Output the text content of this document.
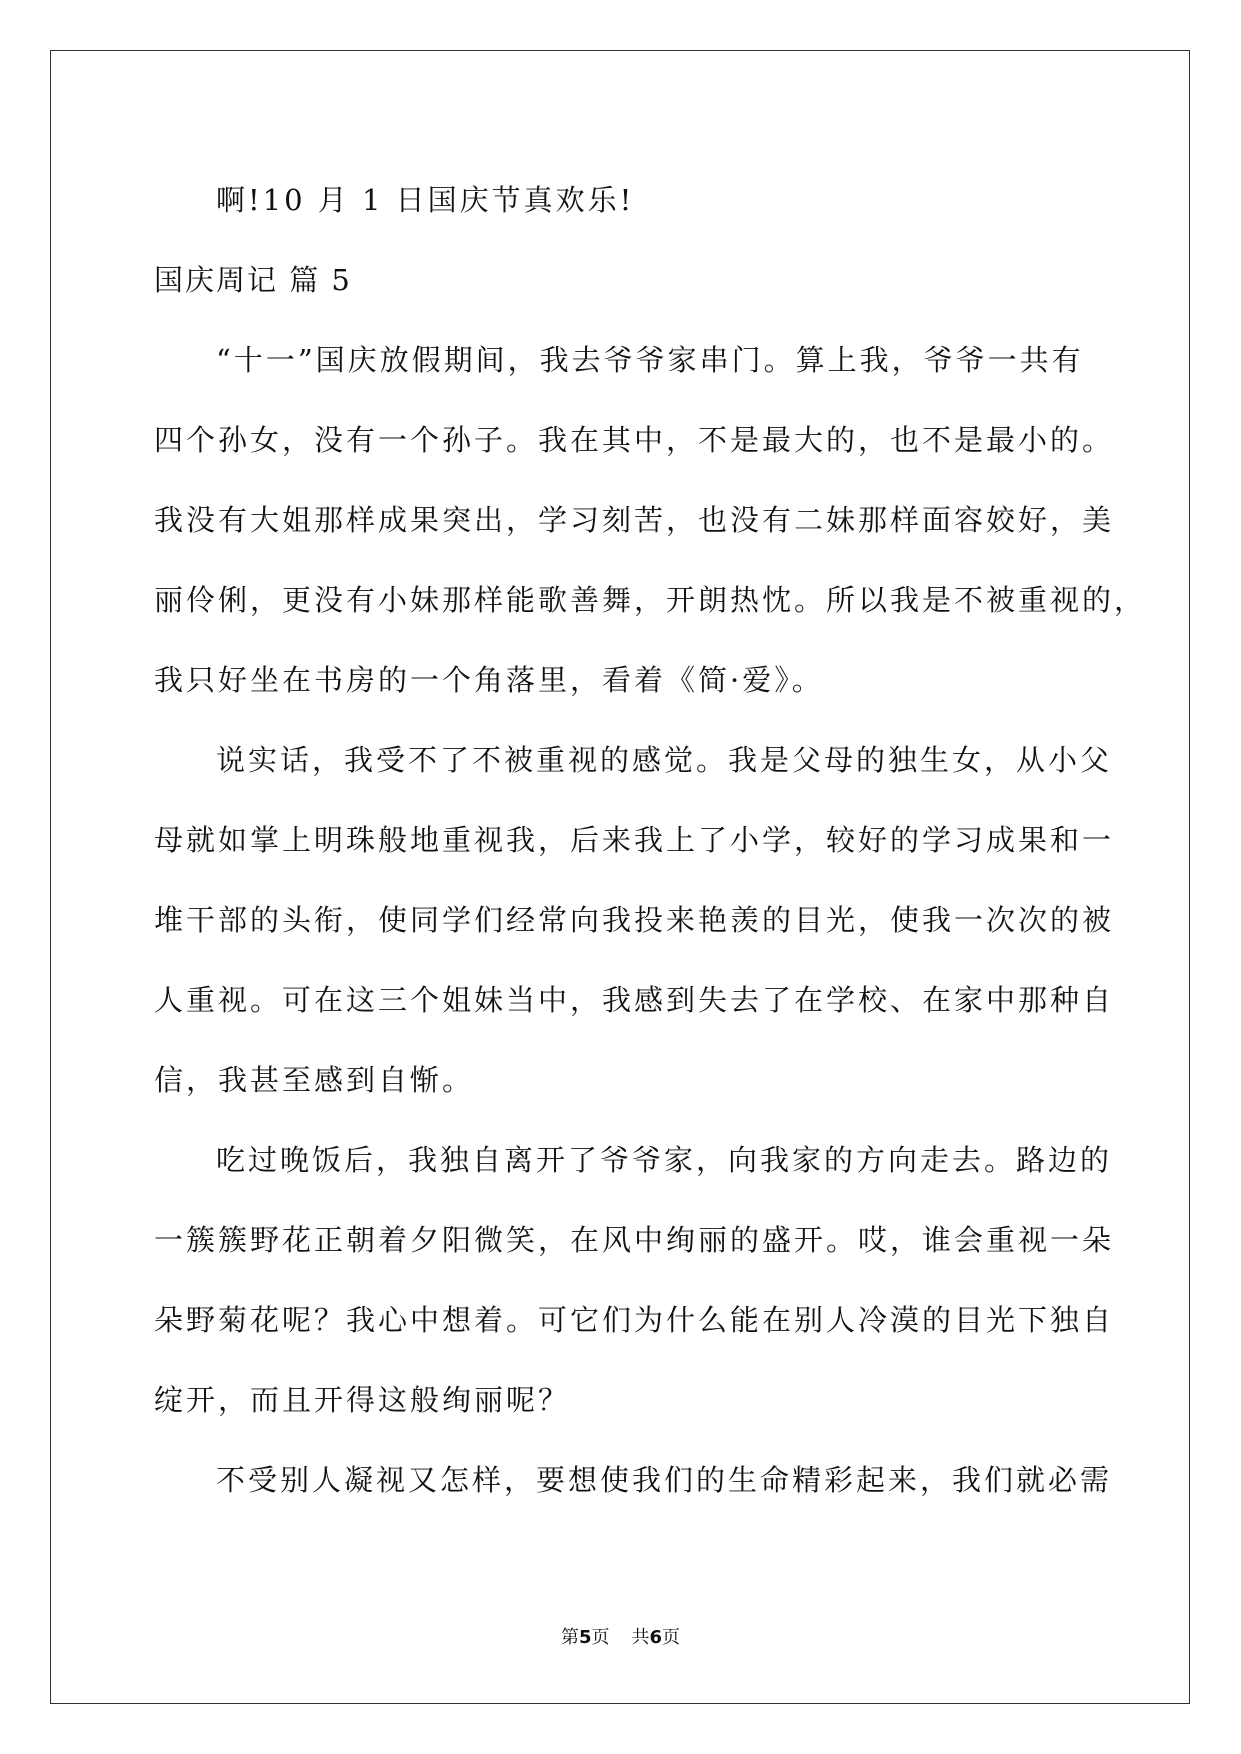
啊!10 月 1 日国庆节真欢乐!
国庆周记 篇 5
“十一”国庆放假期间，我去爷爷家串门。算上我，爷爷一共有
四个孙女，没有一个孙子。我在其中，不是最大的，也不是最小的。
我没有大姐那样成果突出，学习刻苦，也没有二妹那样面容姣好，美
丽伶俐，更没有小妹那样能歌善舞，开朗热忱。所以我是不被重视的，
我只好坐在书房的一个角落里，看着《简·爱》。
说实话，我受不了不被重视的感觉。我是父母的独生女，从小父
母就如掌上明珠般地重视我，后来我上了小学，较好的学习成果和一
堆干部的头衔，使同学们经常向我投来艳羡的目光，使我一次次的被
人重视。可在这三个姐妹当中，我感到失去了在学校、在家中那种自
信，我甚至感到自惭。
吃过晚饭后，我独自离开了爷爷家，向我家的方向走去。路边的
一簇簇野花正朝着夕阳微笑，在风中绚丽的盛开。哎，谁会重视一朵
朵野菊花呢？我心中想着。可它们为什么能在别人冷漠的目光下独自
绽开，而且开得这般绚丽呢？
不受别人凝视又怎样，要想使我们的生命精彩起来，我们就必需
第5页 共6页
